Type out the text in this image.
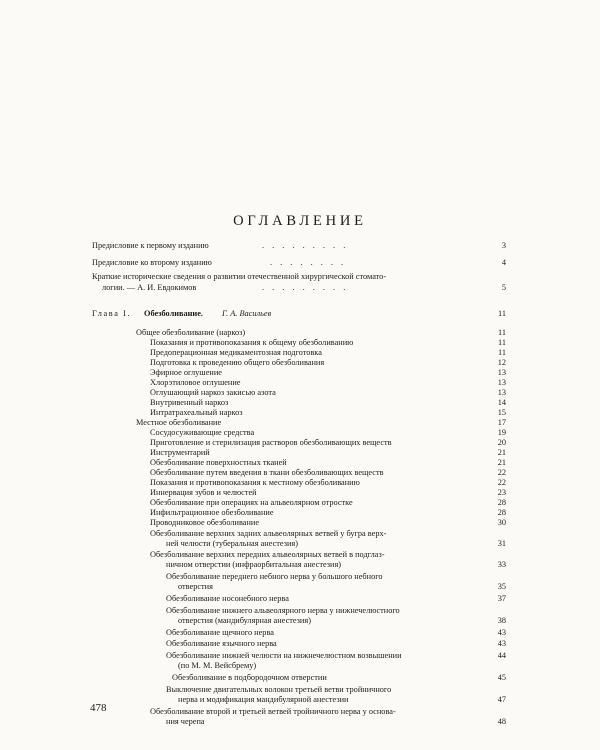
ОГЛАВЛЕНИЕ
Предисловие к первому изданию	. . . . . . . . .	3
Предисловие ко второму изданию	. . . . . . . .	4
Краткие исторические сведения о развитии отечественной хирургической стомато-
логии. — А. И. Евдокимов	. . . . . . . . .	5
Глава I. Обезболивание. Г. А. Васильев	11
Общее обезболивание (наркоз)	11
Показания и противопоказания к общему обезболиванию	11
Предоперационная медикаментозная подготовка	11
Подготовка к проведению общего обезболивания	12
Эфирное оглушение	13
Хлорэтиловое оглушение	13
Оглушающий наркоз закисью азота	13
Внутривенный наркоз	14
Интратрахеальный наркоз	15
Местное обезболивание	17
Сосудосуживающие средства	19
Приготовление и стерилизация растворов обезболивающих веществ	20
Инструментарий	21
Обезболивание поверхностных тканей	21
Обезболивание путем введения в ткани обезболивающих веществ	22
Показания и противопоказания к местному обезболиванию	22
Иннервация зубов и челюстей	23
Обезболивание при операциях на альвеолярном отростке	28
Инфильтрационное обезболивание	28
Проводниковое обезболивание	30
Обезболивание верхних задних альвеолярных ветвей у бугра верх-
ней челюсти (туберальная анестезия)	31
Обезболивание верхних передних альвеолярных ветвей в подглаз-
ничном отверстии (инфраорбитальная анестезия)	33
Обезболивание переднего небного нерва у большого небного
отверстия	35
Обезболивание носонебного нерва	37
Обезболивание нижнего альвеолярного нерва у нижнечелюстного
отверстия (мандибулярная анестезия)	38
Обезболивание щечного нерва	43
Обезболивание язычного нерва	43
Обезболивание нижней челюсти на нижнечелюстном возвышении	44
(по М. М. Вейсбрему)
Обезболивание в подбородочном отверстии	45
Выключение двигательных волокон третьей ветви тройничного
нерва и модификация мандибулярной анестезии	47
Обезболивание второй и третьей ветвей тройничного нерва у основа-
ния черепа	48
478
